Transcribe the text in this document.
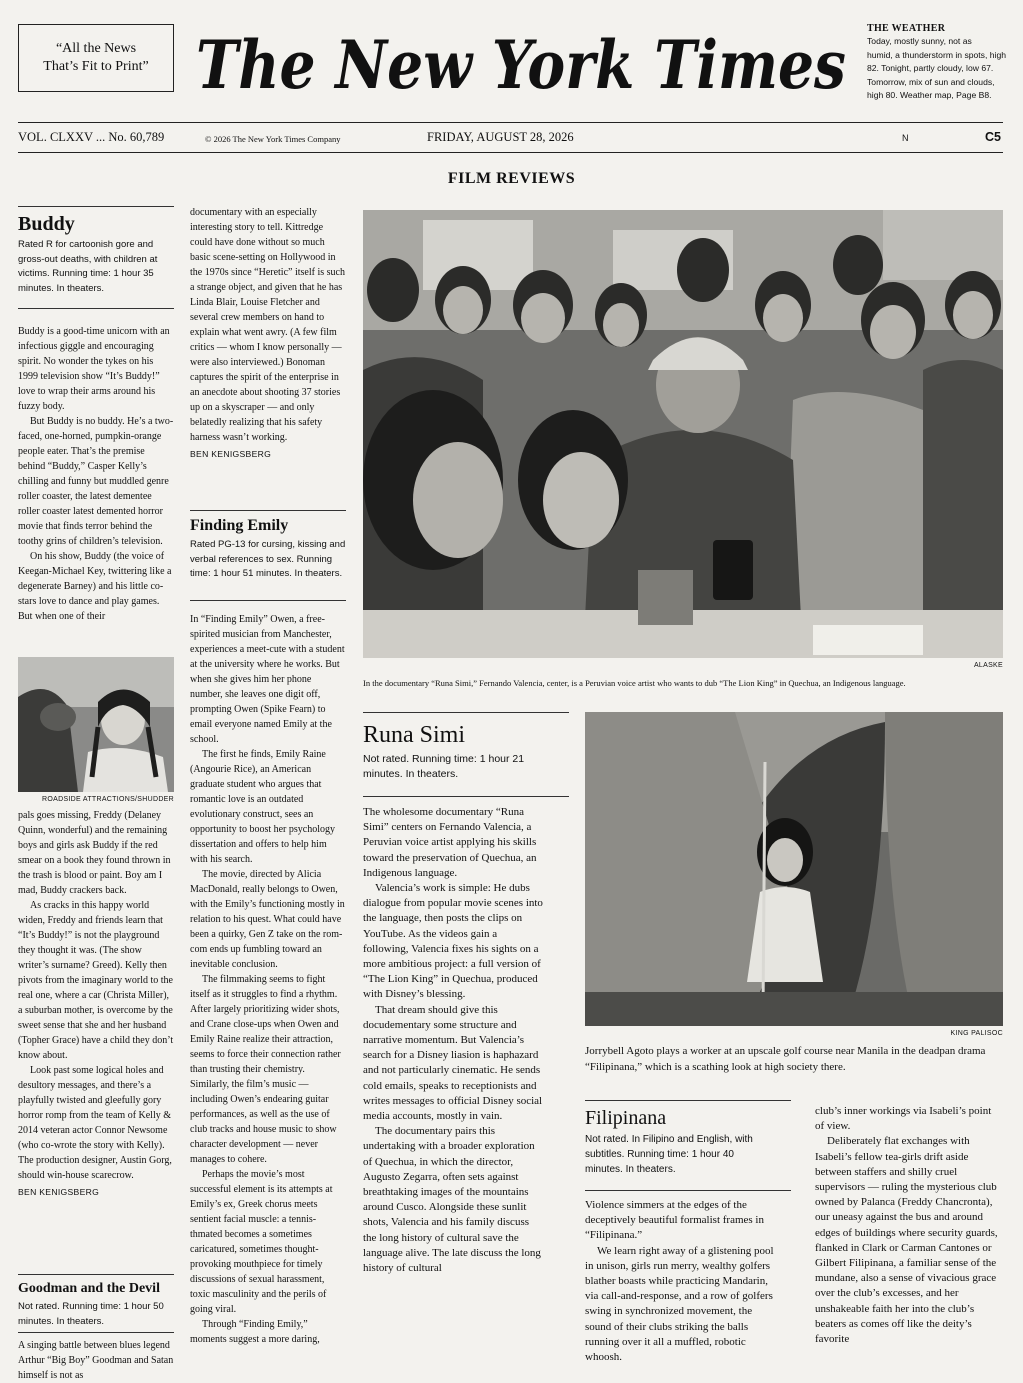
“All the News That’s Fit to Print” The New York Times THE WEATHER
Today, mostly sunny, not as
humid, a thunderstorm in spots, high
82. Tonight, partly cloudy, low 67.
Tomorrow, mix of sun and clouds,
high 80. Weather map, Page B8.
VOL. CLXXV ... No. 60,789	© 2026 The New York Times Company	FRIDAY, AUGUST 28, 2026	N	C5
FILM REVIEWS
Buddy
Rated R for cartoonish gore and gross-out deaths, with children at victims. Running time: 1 hour 35 minutes. In theaters.

Buddy is a good-time unicorn with an infectious giggle and encouraging spirit. No wonder the tykes on his 1999 television show “It’s Buddy!” love to wrap their arms around his fuzzy body.

But Buddy is no buddy. He’s a two-faced, one-horned, pumpkin-orange people eater. That’s the premise behind “Buddy,” Casper Kelly’s chilling and funny but muddled genre roller coaster, the latest dementee roller coaster latest demented horror movie that finds terror behind the toothy grins of children’s television.

On his show, Buddy (the voice of Keegan-Michael Key, twittering like a degenerate Barney) and his little co-stars love to dance and play games. But when one of their

ROADSIDE ATTRACTIONS/SHUDDER

pals goes missing, Freddy (Delaney Quinn, wonderful) and the remaining boys and girls ask Buddy if the red smear on a book they found thrown in the trash is blood or paint. Boy am I mad, Buddy crackers back.

As cracks in this happy world widen, Freddy and friends learn that “It’s Buddy!” is not the playground they thought it was. (The show writer’s surname? Greed). Kelly then pivots from the imaginary world to the real one, where a car (Christa Miller), a suburban mother, is overcome by the sweet sense that she and her husband (Topher Grace) have a child they don’t know about.

Look past some logical holes and desultory messages, and there’s a playfully twisted and gleefully gory horror romp from the team of Kelly & 2014 veteran actor Connor Newsome (who co-wrote the story with Kelly). The production designer, Austin Gorg, should win-house scarecrow.

BEN KENIGSBERG

Goodman and the Devil
Not rated. Running time: 1 hour 50 minutes. In theaters.

A singing battle between blues legend Arthur “Big Boy” Goodman and Satan himself is not as

documentary with an especially interesting story to tell. Kittredge could have done without so much basic scene-setting on Hollywood in the 1970s since “Heretic” itself is such a strange object, and given that he has Linda Blair, Louise Fletcher and several crew members on hand to explain what went awry. (A few film critics — whom I know personally — were also interviewed.) Bonoman captures the spirit of the enterprise in an anecdote about shooting 37 stories up on a skyscraper — and only belatedly realizing that his safety harness wasn’t working.

BEN KENIGSBERG

Finding Emily
Rated PG-13 for cursing, kissing and verbal references to sex. Running time: 1 hour 51 minutes. In theaters.

In “Finding Emily” Owen, a free-spirited musician from Manchester, experiences a meet-cute with a student at the university where he works. But when she gives him her phone number, she leaves one digit off, prompting Owen (Spike Fearn) to email everyone named Emily at the school.

The first he finds, Emily Raine (Angourie Rice), an American graduate student who argues that romantic love is an outdated evolutionary construct, sees an opportunity to boost her psychology dissertation and offers to help him with his search.

The movie, directed by Alicia MacDonald, really belongs to Owen, with the Emily’s functioning mostly in relation to his quest. What could have been a quirky, Gen Z take on the rom-com ends up fumbling toward an inevitable conclusion.

The filmmaking seems to fight itself as it struggles to find a rhythm. After largely prioritizing wider shots, and Crane close-ups when Owen and Emily Raine realize their attraction, seems to force their connection rather than trusting their chemistry. Similarly, the film’s music — including Owen’s endearing guitar performances, as well as the use of club tracks and house music to show character development — never manages to cohere.

Perhaps the movie’s most successful element is its attempts at Emily’s ex, Greek chorus meets sentient facial muscle: a tennis-thmated becomes a sometimes caricatured, sometimes thought-provoking mouthpiece for timely discussions of sexual harassment, toxic masculinity and the perils of going viral.

Through “Finding Emily,” moments suggest a more daring,

ALASKE
In the documentary “Runa Simi,” Fernando Valencia, center, is a Peruvian voice artist who wants to dub “The Lion King” in Quechua, an Indigenous language.
Runa Simi
Not rated. Running time: 1 hour 21 minutes. In theaters.

The wholesome documentary “Runa Simi” centers on Fernando Valencia, a Peruvian voice artist applying his skills toward the preservation of Quechua, an Indigenous language.

Valencia’s work is simple: He dubs dialogue from popular movie scenes into the language, then posts the clips on YouTube. As the videos gain a following, Valencia fixes his sights on a more ambitious project: a full version of “The Lion King” in Quechua, produced with Disney’s blessing.

That dream should give this docudementary some structure and narrative momentum. But Valencia’s search for a Disney liasion is haphazard and not particularly cinematic. He sends cold emails, speaks to receptionists and writes messages to official Disney social media accounts, mostly in vain.

The documentary pairs this undertaking with a broader exploration of Quechua, in which the director, Augusto Zegarra, often sets against breathtaking images of the mountains around Cusco. Alongside these sunlit shots, Valencia and his family discuss the long history of cultural save the language alive. The late discuss the long history of cultural

KING PALISOC
Jorrybell Agoto plays a worker at an upscale golf course near Manila in the deadpan drama “Filipinana,” which is a scathing look at high society there.
Filipinana
Not rated. In Filipino and English, with subtitles. Running time: 1 hour 40 minutes. In theaters.

Violence simmers at the edges of the deceptively beautiful formalist frames in “Filipinana.”

We learn right away of a glistening pool in unison, girls run merry, wealthy golfers blather boasts while practicing Mandarin, via call-and-response, and a row of golfers swing in synchronized movement, the sound of their clubs striking the balls running over it all a muffled, robotic whoosh.

club’s inner workings via Isabeli’s point of view.

Deliberately flat exchanges with Isabeli’s fellow tea-girls drift aside between staffers and shilly cruel supervisors — ruling the mysterious club owned by Palanca (Freddy Chancronta), our uneasy against the bus and around edges of buildings where security guards, flanked in Clark or Carman Cantones or Gilbert Filipinana, a familiar sense of the mundane, also a sense of vivacious grace over the club’s excesses, and her unshakeable faith her into the club’s beaters as comes off like the deity’s favorite
